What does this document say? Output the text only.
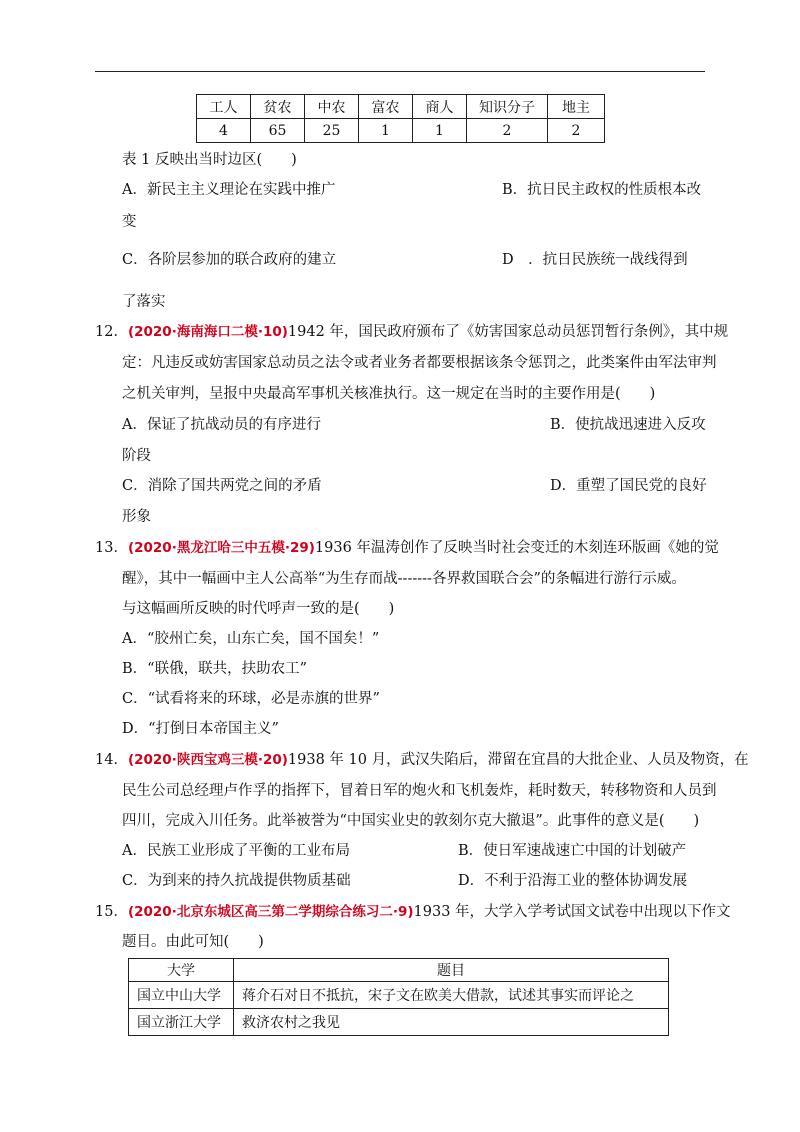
工人	贫农	中农	富农	商人	知识分子	地主
4	65	25	1	1	2	2
表 1 反映出当时边区(　　)
A．新民主主义理论在实践中推广	B．抗日民主政权的性质根本改
变
C．各阶层参加的联合政府的建立	D　．抗日民族统一战线得到
了落实
12．(2020·海南海口二模·10)1942 年，国民政府颁布了《妨害国家总动员惩罚暂行条例》，其中规
定：凡违反或妨害国家总动员之法令或者业务者都要根据该条令惩罚之，此类案件由军法审判
之机关审判，呈报中央最高军事机关核准执行。这一规定在当时的主要作用是(　　)
A．保证了抗战动员的有序进行	B．使抗战迅速进入反攻
阶段
C．消除了国共两党之间的矛盾	D．重塑了国民党的良好
形象
13．(2020·黑龙江哈三中五模·29)1936 年温涛创作了反映当时社会变迁的木刻连环版画《她的觉
醒》，其中一幅画中主人公高举“为生存而战-------各界救国联合会”的条幅进行游行示威。
与这幅画所反映的时代呼声一致的是(　　)
A．“胶州亡矣，山东亡矣，国不国矣！”
B．“联俄，联共，扶助农工”
C．“试看将来的环球，必是赤旗的世界”
D．“打倒日本帝国主义”
14．(2020·陕西宝鸡三模·20)1938 年 10 月，武汉失陷后，滞留在宜昌的大批企业、人员及物资，在
民生公司总经理卢作孚的指挥下，冒着日军的炮火和飞机轰炸，耗时数天，转移物资和人员到
四川，完成入川任务。此举被誉为“中国实业史的敦刻尔克大撤退”。此事件的意义是(　　)
A．民族工业形成了平衡的工业布局	B．使日军速战速亡中国的计划破产
C．为到来的持久抗战提供物质基础	D．不利于沿海工业的整体协调发展
15．(2020·北京东城区高三第二学期综合练习二·9)1933 年，大学入学考试国文试卷中出现以下作文
题目。由此可知(　　)
大学	题目
国立中山大学	蒋介石对日不抵抗，宋子文在欧美大借款，试述其事实而评论之
国立浙江大学	救济农村之我见
